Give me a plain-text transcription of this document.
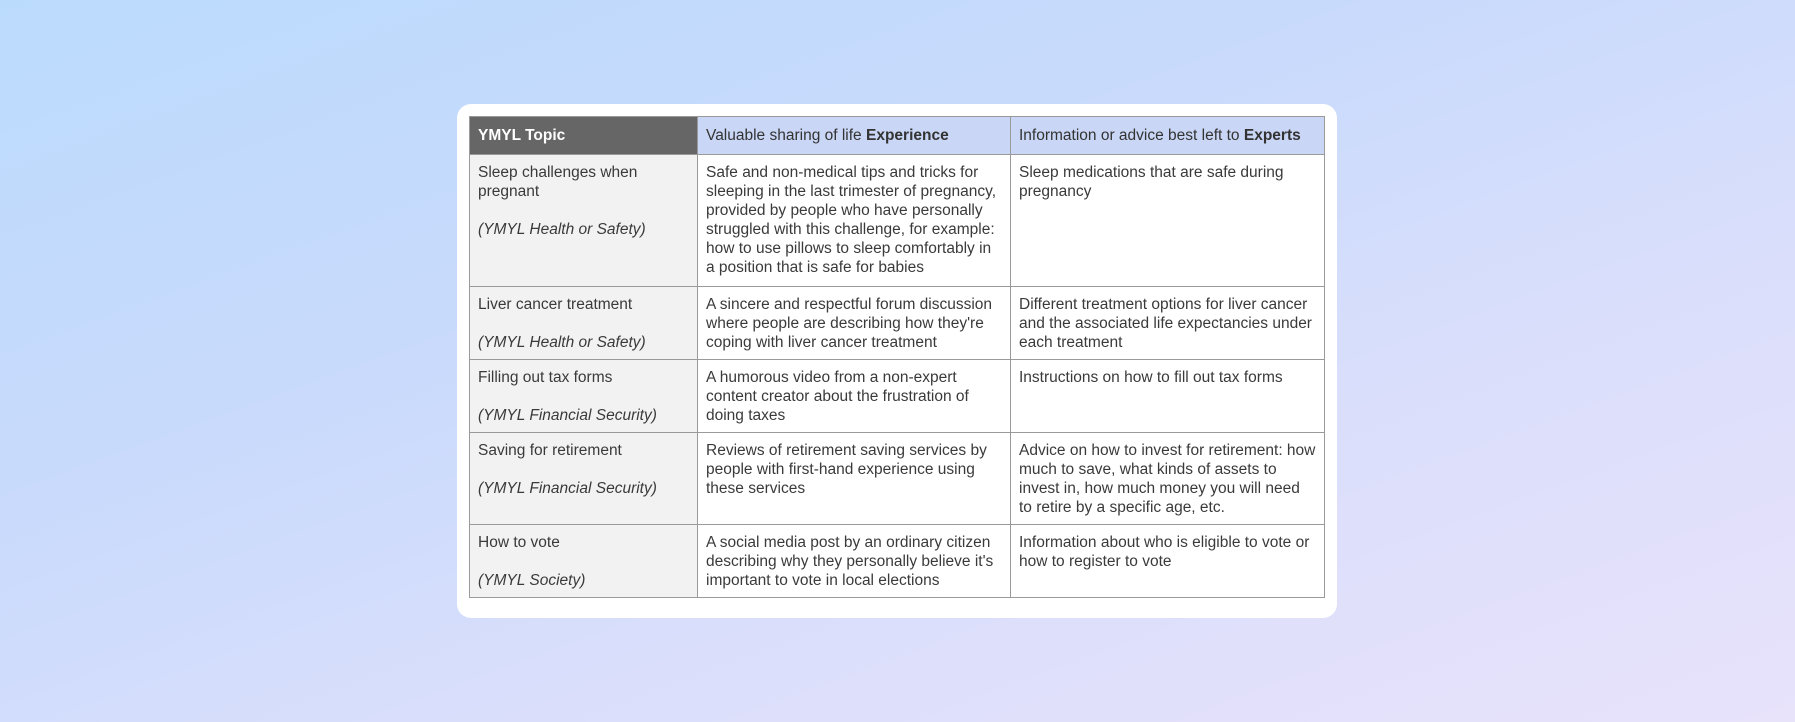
YMYL Topic	Valuable sharing of life Experience	Information or advice best left to Experts
Sleep challenges when pregnant
(YMYL Health or Safety)	Safe and non-medical tips and tricks for sleeping in the last trimester of pregnancy, provided by people who have personally struggled with this challenge, for example: how to use pillows to sleep comfortably in a position that is safe for babies	Sleep medications that are safe during pregnancy
Liver cancer treatment
(YMYL Health or Safety)	A sincere and respectful forum discussion where people are describing how they're coping with liver cancer treatment	Different treatment options for liver cancer and the associated life expectancies under each treatment
Filling out tax forms
(YMYL Financial Security)	A humorous video from a non-expert content creator about the frustration of doing taxes	Instructions on how to fill out tax forms
Saving for retirement
(YMYL Financial Security)	Reviews of retirement saving services by people with first-hand experience using these services	Advice on how to invest for retirement: how much to save, what kinds of assets to invest in, how much money you will need to retire by a specific age, etc.
How to vote
(YMYL Society)	A social media post by an ordinary citizen describing why they personally believe it's important to vote in local elections	Information about who is eligible to vote or how to register to vote
